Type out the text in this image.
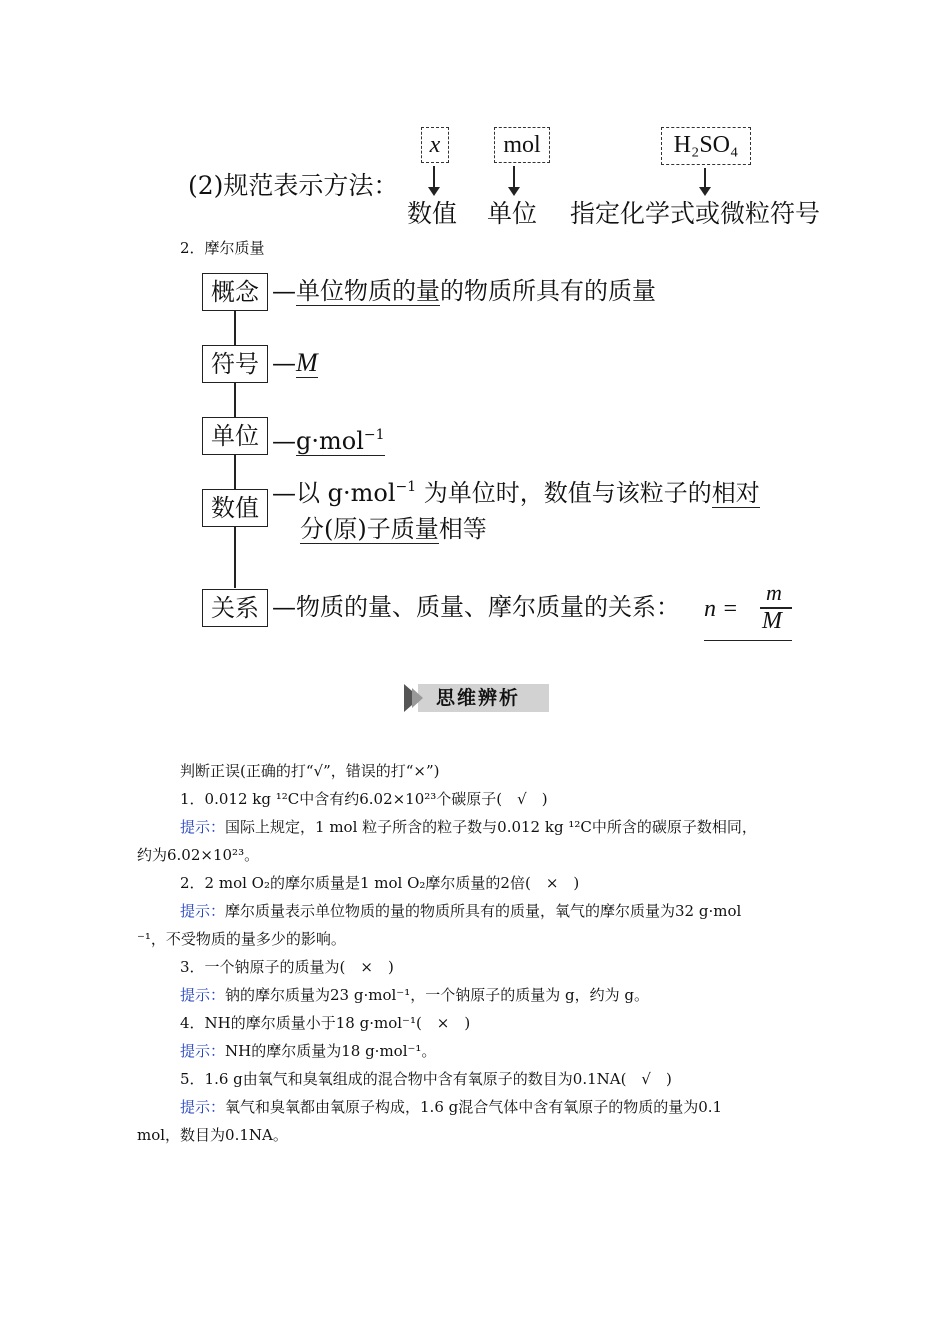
x	mol	H₂SO₄
(2)规范表示方法：
数值 单位 指定化学式或微粒符号
2．摩尔质量
概念 —单位物质的量的物质所具有的质量
符号 —M
单位 —g·mol$^{-1}$
数值
—以 g·mol$^{-1}$ 为单位时，数值与该粒子的相对
分(原)子质量相等
关系 —物质的量、质量、摩尔质量的关系： n =
m
M
思维辨析
判断正误(正确的打“√”，错误的打“×”)
1．0.012 kg ¹²C中含有约6.02×10²³个碳原子(　√　)
提示：国际上规定，1 mol 粒子所含的粒子数与0.012 kg ¹²C中所含的碳原子数相同，
约为6.02×10²³。
2．2 mol O₂的摩尔质量是1 mol O₂摩尔质量的2倍(　×　)
提示：摩尔质量表示单位物质的量的物质所具有的质量，氧气的摩尔质量为32 g·mol
⁻¹，不受物质的量多少的影响。
3．一个钠原子的质量为(　×　)
提示：钠的摩尔质量为23 g·mol⁻¹，一个钠原子的质量为 g，约为 g。
4．NH的摩尔质量小于18 g·mol⁻¹(　×　)
提示：NH的摩尔质量为18 g·mol⁻¹。
5．1.6 g由氧气和臭氧组成的混合物中含有氧原子的数目为0.1NA(　√　)
提示：氧气和臭氧都由氧原子构成，1.6 g混合气体中含有氧原子的物质的量为0.1
mol，数目为0.1NA。
